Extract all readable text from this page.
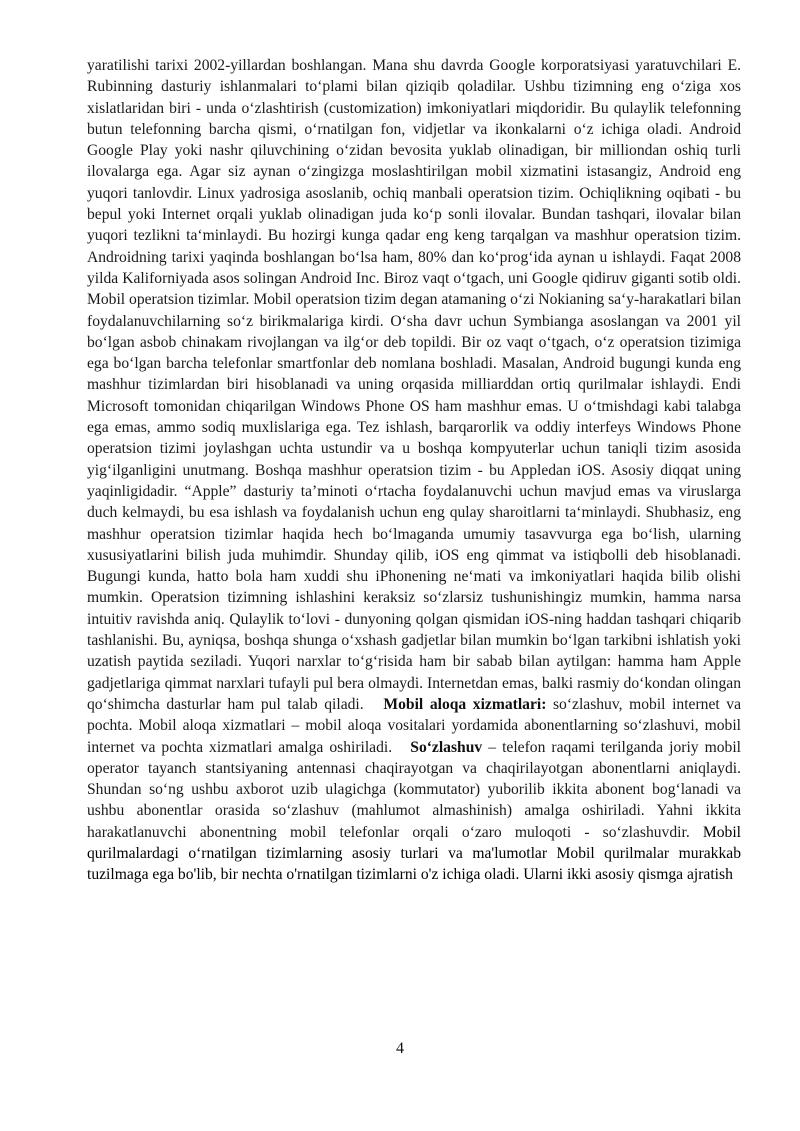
yaratilishi tarixi 2002-yillardan boshlangan. Mana shu davrda Google korporatsiyasi yaratuvchilari E. Rubinning dasturiy ishlanmalari to‘plami bilan qiziqib qoladilar. Ushbu tizimning eng o‘ziga xos xislatlaridan biri - unda o‘zlashtirish (customization) imkoniyatlari miqdoridir. Bu qulaylik telefonning butun telefonning barcha qismi, o‘rnatilgan fon, vidjetlar va ikonkalarni o‘z ichiga oladi. Android Google Play yoki nashr qiluvchining o‘zidan bevosita yuklab olinadigan, bir milliondan oshiq turli ilovalarga ega. Agar siz aynan o‘zingizga moslashtirilgan mobil xizmatini istasangiz, Android eng yuqori tanlovdir. Linux yadrosiga asoslanib, ochiq manbali operatsion tizim. Ochiqlikning oqibati - bu bepul yoki Internet orqali yuklab olinadigan juda ko‘p sonli ilovalar. Bundan tashqari, ilovalar bilan yuqori tezlikni ta‘minlaydi. Bu hozirgi kunga qadar eng keng tarqalgan va mashhur operatsion tizim. Androidning tarixi yaqinda boshlangan bo‘lsa ham, 80% dan ko‘prog‘ida aynan u ishlaydi. Faqat 2008 yilda Kaliforniyada asos solingan Android Inc. Biroz vaqt o‘tgach, uni Google qidiruv giganti sotib oldi. Mobil operatsion tizimlar. Mobil operatsion tizim degan atamaning o‘zi Nokianing sa‘y-harakatlari bilan foydalanuvchilarning so‘z birikmalariga kirdi. O‘sha davr uchun Symbianga asoslangan va 2001 yil bo‘lgan asbob chinakam rivojlangan va ilg‘or deb topildi. Bir oz vaqt o‘tgach, o‘z operatsion tizimiga ega bo‘lgan barcha telefonlar smartfonlar deb nomlana boshladi. Masalan, Android bugungi kunda eng mashhur tizimlardan biri hisoblanadi va uning orqasida milliarddan ortiq qurilmalar ishlaydi. Endi Microsoft tomonidan chiqarilgan Windows Phone OS ham mashhur emas. U o‘tmishdagi kabi talabga ega emas, ammo sodiq muxlislariga ega. Tez ishlash, barqarorlik va oddiy interfeys Windows Phone operatsion tizimi joylashgan uchta ustundir va u boshqa kompyuterlar uchun taniqli tizim asosida yig‘ilganligini unutmang. Boshqa mashhur operatsion tizim - bu Appledan iOS. Asosiy diqqat uning yaqinligidadir. “Apple” dasturiy ta’minoti o‘rtacha foydalanuvchi uchun mavjud emas va viruslarga duch kelmaydi, bu esa ishlash va foydalanish uchun eng qulay sharoitlarni ta‘minlaydi. Shubhasiz, eng mashhur operatsion tizimlar haqida hech bo‘lmaganda umumiy tasavvurga ega bo‘lish, ularning xususiyatlarini bilish juda muhimdir. Shunday qilib, iOS eng qimmat va istiqbolli deb hisoblanadi. Bugungi kunda, hatto bola ham xuddi shu iPhonening ne‘mati va imkoniyatlari haqida bilib olishi mumkin. Operatsion tizimning ishlashini keraksiz so‘zlarsiz tushunishingiz mumkin, hamma narsa intuitiv ravishda aniq. Qulaylik to‘lovi - dunyoning qolgan qismidan iOS-ning haddan tashqari chiqarib tashlanishi. Bu, ayniqsa, boshqa shunga o‘xshash gadjetlar bilan mumkin bo‘lgan tarkibni ishlatish yoki uzatish paytida seziladi. Yuqori narxlar to‘g‘risida ham bir sabab bilan aytilgan: hamma ham Apple gadjetlariga qimmat narxlari tufayli pul bera olmaydi. Internetdan emas, balki rasmiy do‘kondan olingan qo‘shimcha dasturlar ham pul talab qiladi. Mobil aloqa xizmatlari: so‘zlashuv, mobil internet va pochta. Mobil aloqa xizmatlari – mobil aloqa vositalari yordamida abonentlarning so‘zlashuvi, mobil internet va pochta xizmatlari amalga oshiriladi. So‘zlashuv – telefon raqami terilganda joriy mobil operator tayanch stantsiyaning antennasi chaqirayotgan va chaqirilayotgan abonentlarni aniqlaydi. Shundan so‘ng ushbu axborot uzib ulagichga (kommutator) yuborilib ikkita abonent bog‘lanadi va ushbu abonentlar orasida so‘zlashuv (mahlumot almashinish) amalga oshiriladi. Yahni ikkita harakatlanuvchi abonentning mobil telefonlar orqali o‘zaro muloqoti - so‘zlashuvdir. Mobil qurilmalardagi o‘rnatilgan tizimlarning asosiy turlari va ma'lumotlar Mobil qurilmalar murakkab tuzilmaga ega bo'lib, bir nechta o'rnatilgan tizimlarni o'z ichiga oladi. Ularni ikki asosiy qismga ajratish

4
